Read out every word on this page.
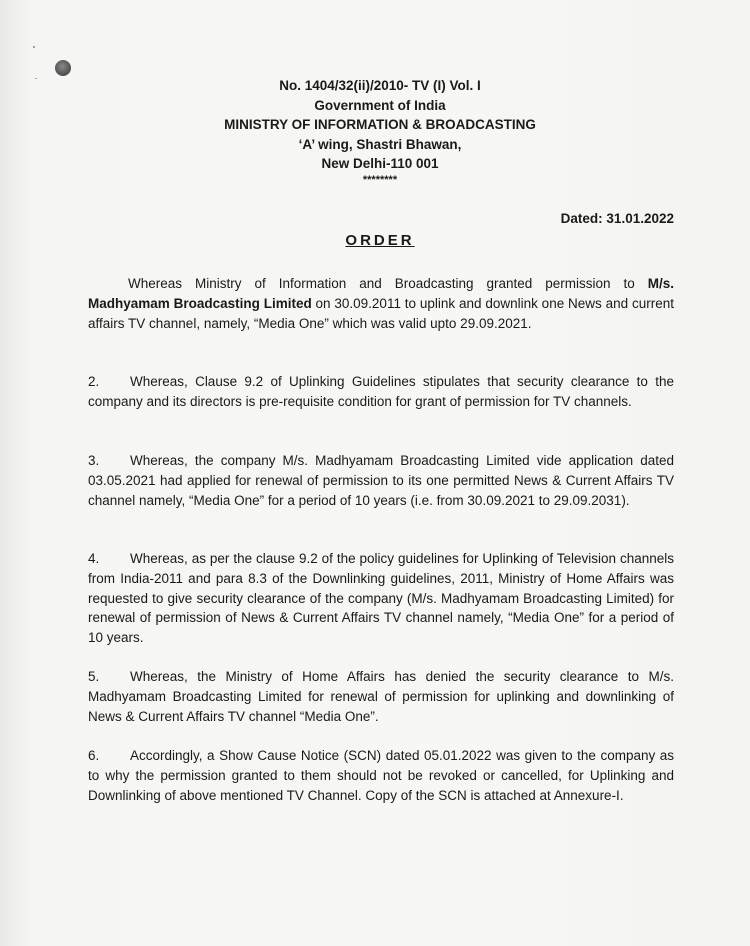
No. 1404/32(ii)/2010- TV (I) Vol. I
Government of India
MINISTRY OF INFORMATION & BROADCASTING
‘A’ wing, Shastri Bhawan,
New Delhi-110 001
********
Dated: 31.01.2022
ORDER
Whereas Ministry of Information and Broadcasting granted permission to M/s. Madhyamam Broadcasting Limited on 30.09.2011 to uplink and downlink one News and current affairs TV channel, namely, “Media One” which was valid upto 29.09.2021.
2. Whereas, Clause 9.2 of Uplinking Guidelines stipulates that security clearance to the company and its directors is pre-requisite condition for grant of permission for TV channels.
3. Whereas, the company M/s. Madhyamam Broadcasting Limited vide application dated 03.05.2021 had applied for renewal of permission to its one permitted News & Current Affairs TV channel namely, “Media One” for a period of 10 years (i.e. from 30.09.2021 to 29.09.2031).
4. Whereas, as per the clause 9.2 of the policy guidelines for Uplinking of Television channels from India-2011 and para 8.3 of the Downlinking guidelines, 2011, Ministry of Home Affairs was requested to give security clearance of the company (M/s. Madhyamam Broadcasting Limited) for renewal of permission of News & Current Affairs TV channel namely, “Media One” for a period of 10 years.
5. Whereas, the Ministry of Home Affairs has denied the security clearance to M/s. Madhyamam Broadcasting Limited for renewal of permission for uplinking and downlinking of News & Current Affairs TV channel “Media One”.
6. Accordingly, a Show Cause Notice (SCN) dated 05.01.2022 was given to the company as to why the permission granted to them should not be revoked or cancelled, for Uplinking and Downlinking of above mentioned TV Channel. Copy of the SCN is attached at Annexure-I.
